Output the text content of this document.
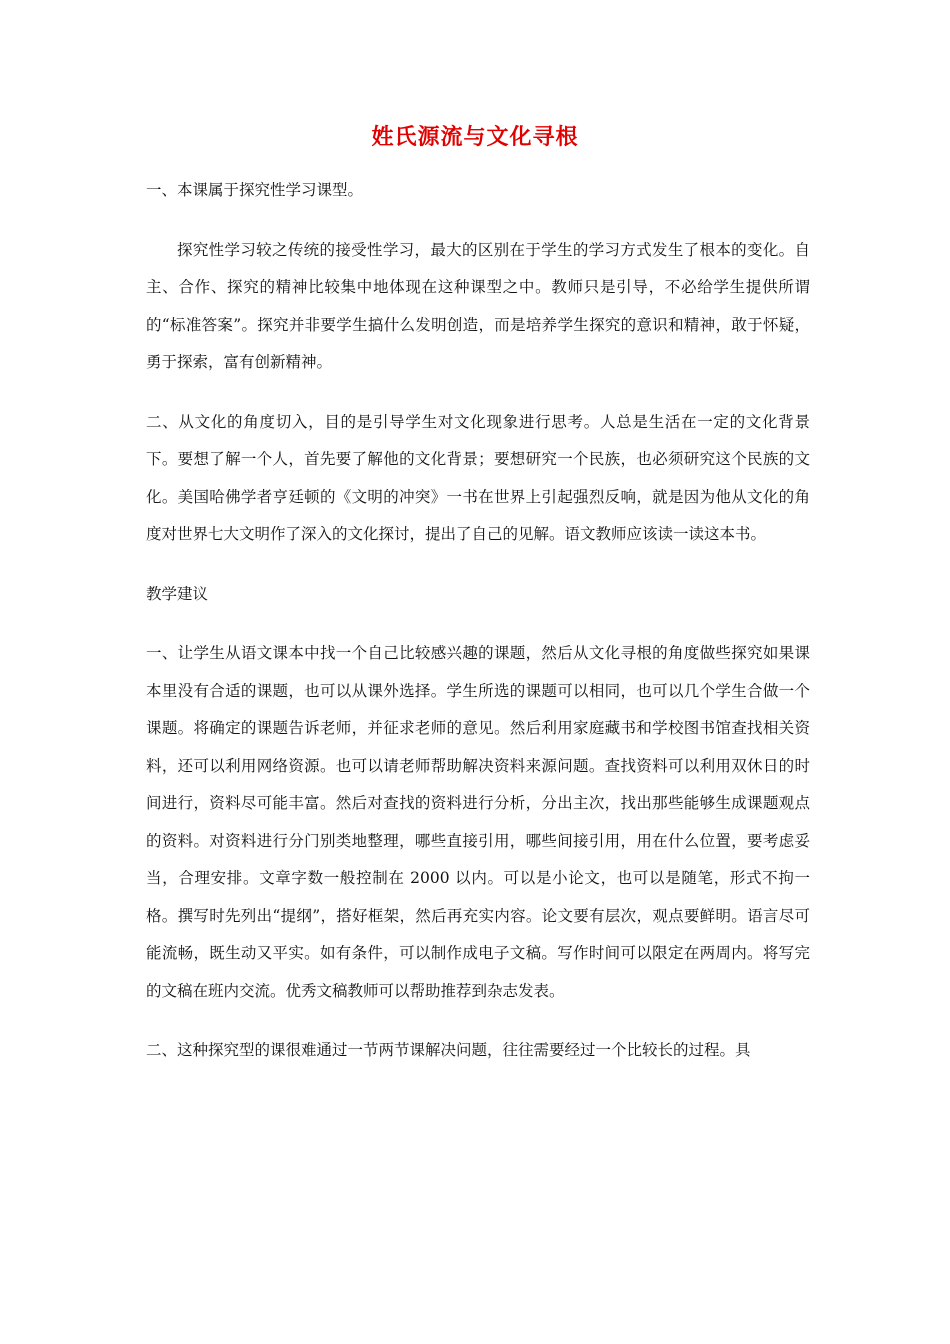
姓氏源流与文化寻根

一、本课属于探究性学习课型。

探究性学习较之传统的接受性学习，最大的区别在于学生的学习方式发生了根本的变化。自主、合作、探究的精神比较集中地体现在这种课型之中。教师只是引导，不必给学生提供所谓的“标准答案”。探究并非要学生搞什么发明创造，而是培养学生探究的意识和精神，敢于怀疑，勇于探索，富有创新精神。

二、从文化的角度切入，目的是引导学生对文化现象进行思考。人总是生活在一定的文化背景下。要想了解一个人，首先要了解他的文化背景；要想研究一个民族，也必须研究这个民族的文化。美国哈佛学者亨廷顿的《文明的冲突》一书在世界上引起强烈反响，就是因为他从文化的角度对世界七大文明作了深入的文化探讨，提出了自己的见解。语文教师应该读一读这本书。

教学建议

一、让学生从语文课本中找一个自己比较感兴趣的课题，然后从文化寻根的角度做些探究如果课本里没有合适的课题，也可以从课外选择。学生所选的课题可以相同，也可以几个学生合做一个课题。将确定的课题告诉老师，并征求老师的意见。然后利用家庭藏书和学校图书馆查找相关资料，还可以利用网络资源。也可以请老师帮助解决资料来源问题。查找资料可以利用双休日的时间进行，资料尽可能丰富。然后对查找的资料进行分析，分出主次，找出那些能够生成课题观点的资料。对资料进行分门别类地整理，哪些直接引用，哪些间接引用，用在什么位置，要考虑妥当，合理安排。文章字数一般控制在 2000 以内。可以是小论文，也可以是随笔，形式不拘一格。撰写时先列出“提纲”，搭好框架，然后再充实内容。论文要有层次，观点要鲜明。语言尽可能流畅，既生动又平实。如有条件，可以制作成电子文稿。写作时间可以限定在两周内。将写完的文稿在班内交流。优秀文稿教师可以帮助推荐到杂志发表。

二、这种探究型的课很难通过一节两节课解决问题，往往需要经过一个比较长的过程。具
